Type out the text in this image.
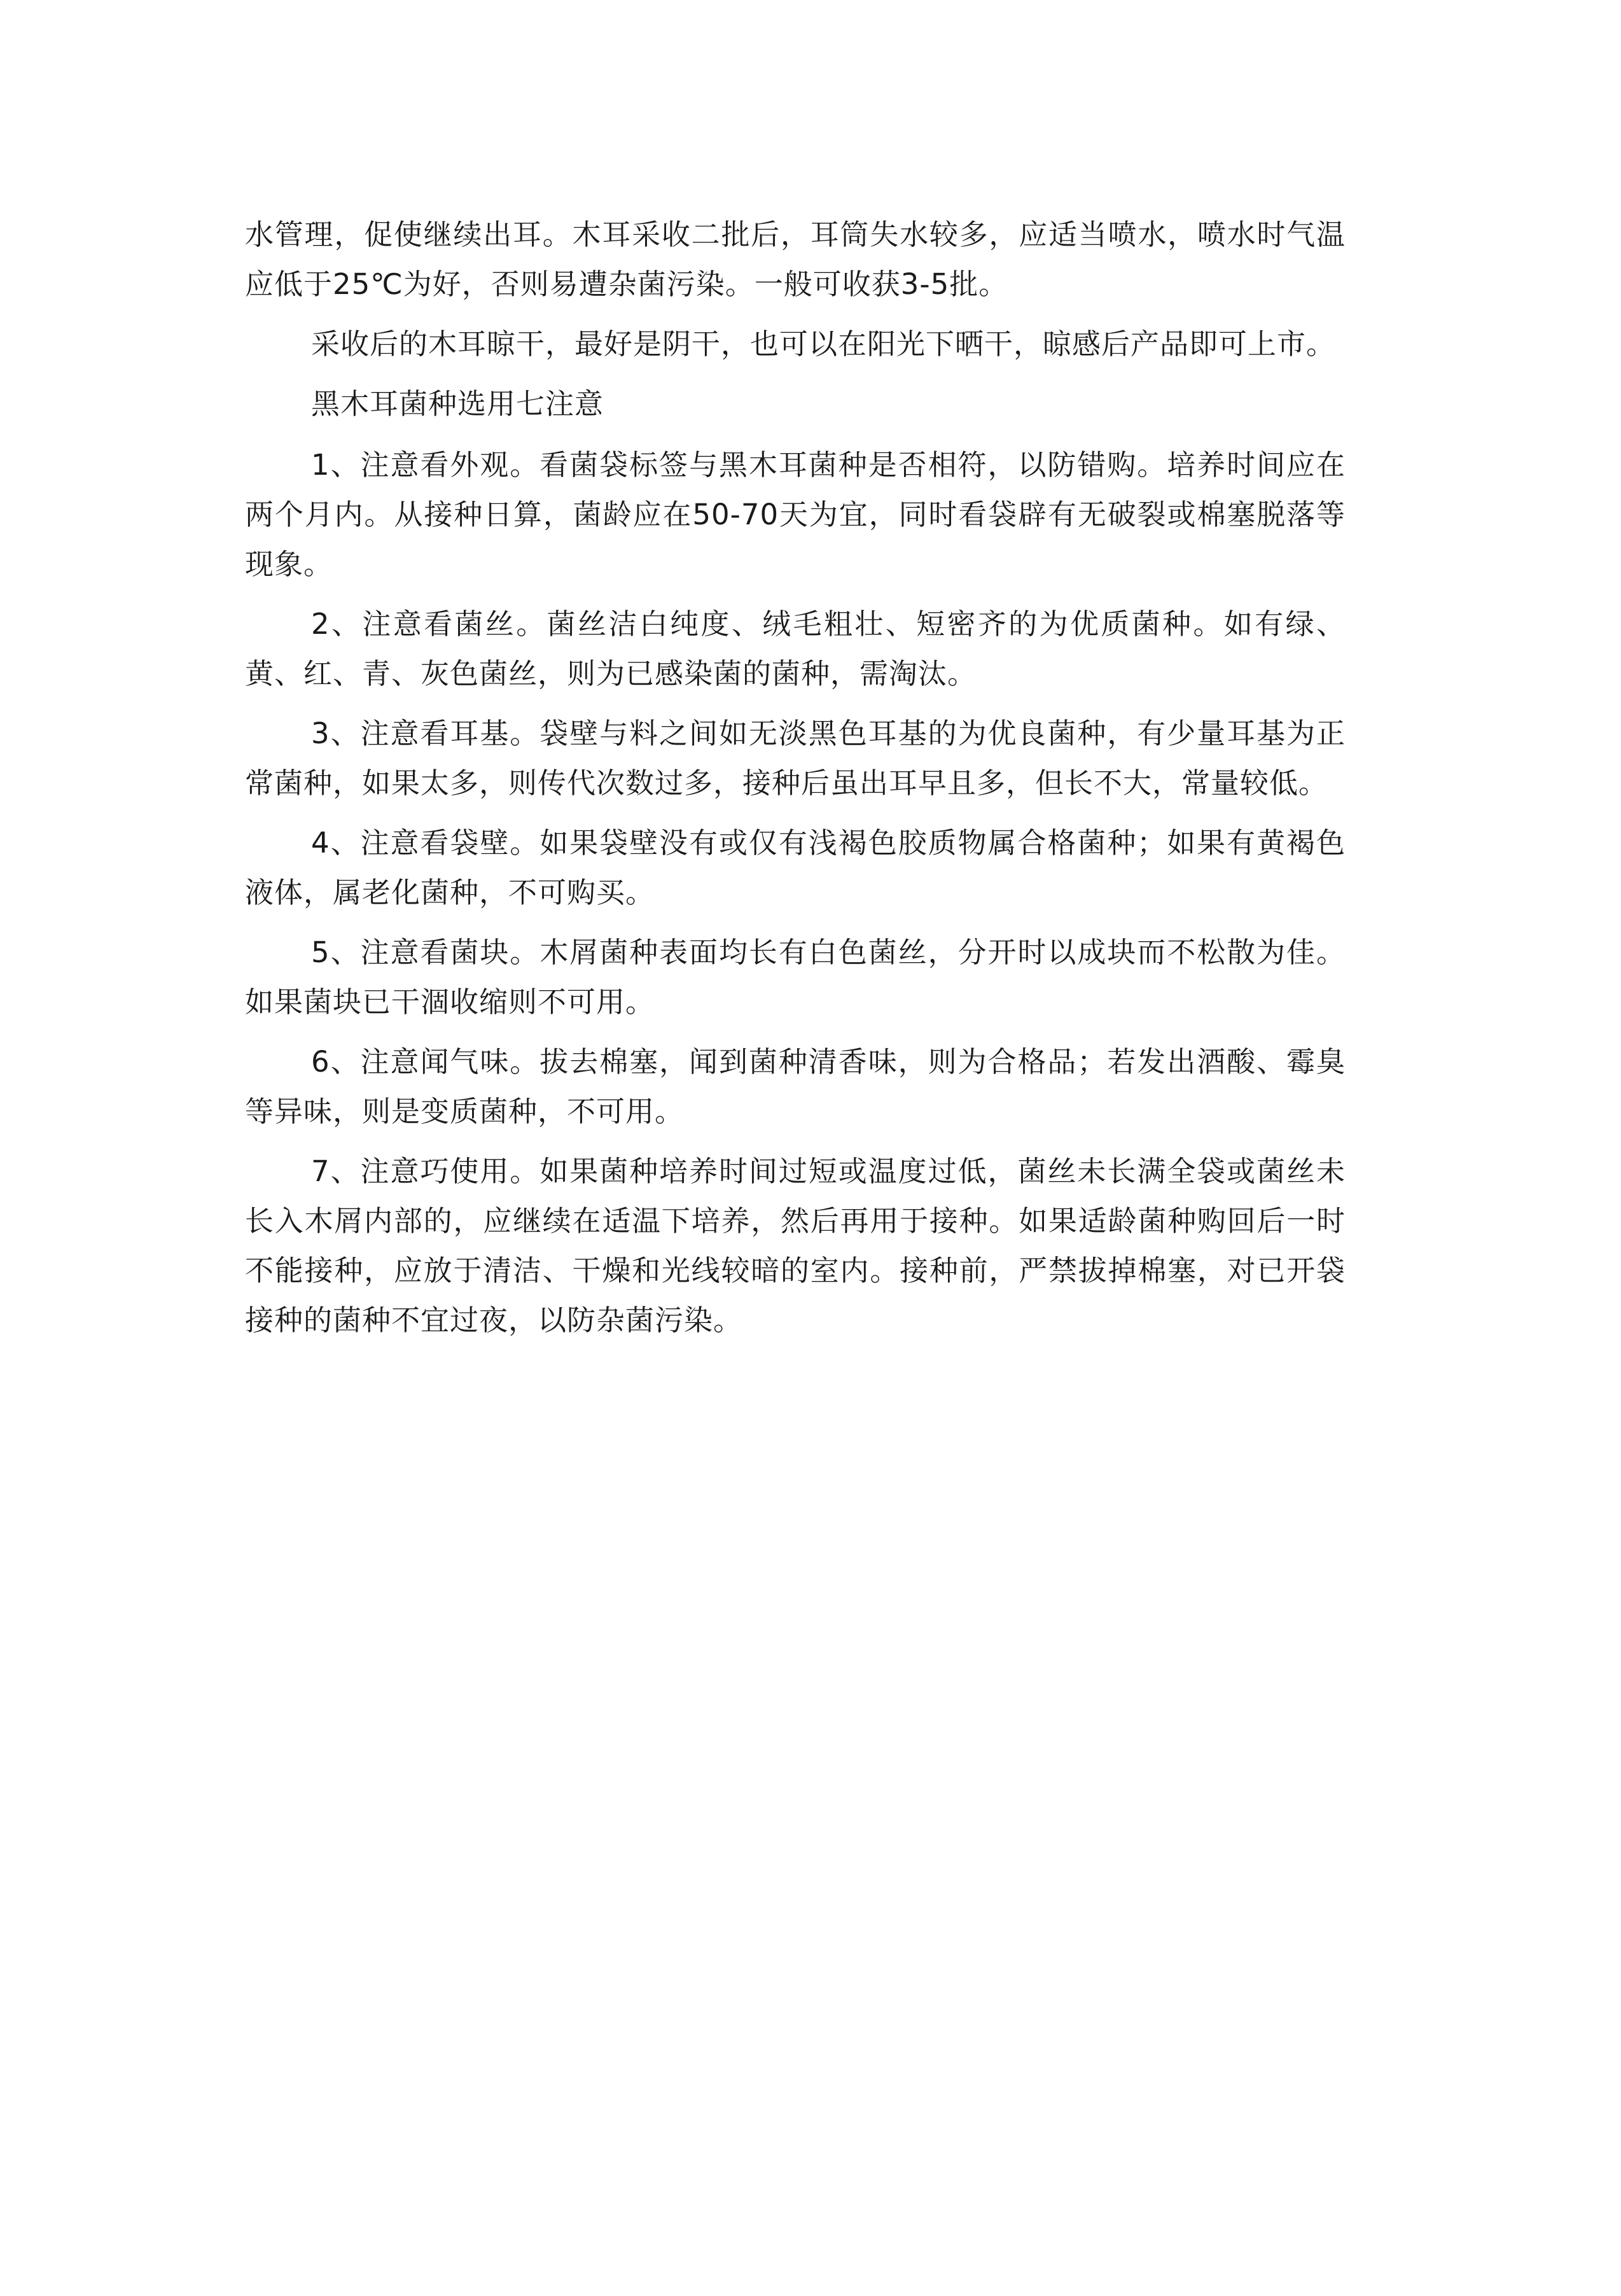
水管理，促使继续出耳。木耳采收二批后，耳筒失水较多，应适当喷水，喷水时气温应低于25℃为好，否则易遭杂菌污染。一般可收获3-5批。

采收后的木耳晾干，最好是阴干，也可以在阳光下晒干，晾感后产品即可上市。

黑木耳菌种选用七注意

1、注意看外观。看菌袋标签与黑木耳菌种是否相符，以防错购。培养时间应在两个月内。从接种日算，菌龄应在50-70天为宜，同时看袋辟有无破裂或棉塞脱落等现象。

2、注意看菌丝。菌丝洁白纯度、绒毛粗壮、短密齐的为优质菌种。如有绿、黄、红、青、灰色菌丝，则为已感染菌的菌种，需淘汰。

3、注意看耳基。袋壁与料之间如无淡黑色耳基的为优良菌种，有少量耳基为正常菌种，如果太多，则传代次数过多，接种后虽出耳早且多，但长不大，常量较低。

4、注意看袋壁。如果袋壁没有或仅有浅褐色胶质物属合格菌种；如果有黄褐色液体，属老化菌种，不可购买。

5、注意看菌块。木屑菌种表面均长有白色菌丝，分开时以成块而不松散为佳。如果菌块已干涸收缩则不可用。

6、注意闻气味。拔去棉塞，闻到菌种清香味，则为合格品；若发出酒酸、霉臭等异味，则是变质菌种，不可用。

7、注意巧使用。如果菌种培养时间过短或温度过低，菌丝未长满全袋或菌丝未长入木屑内部的，应继续在适温下培养，然后再用于接种。如果适龄菌种购回后一时不能接种，应放于清洁、干燥和光线较暗的室内。接种前，严禁拔掉棉塞，对已开袋接种的菌种不宜过夜，以防杂菌污染。
